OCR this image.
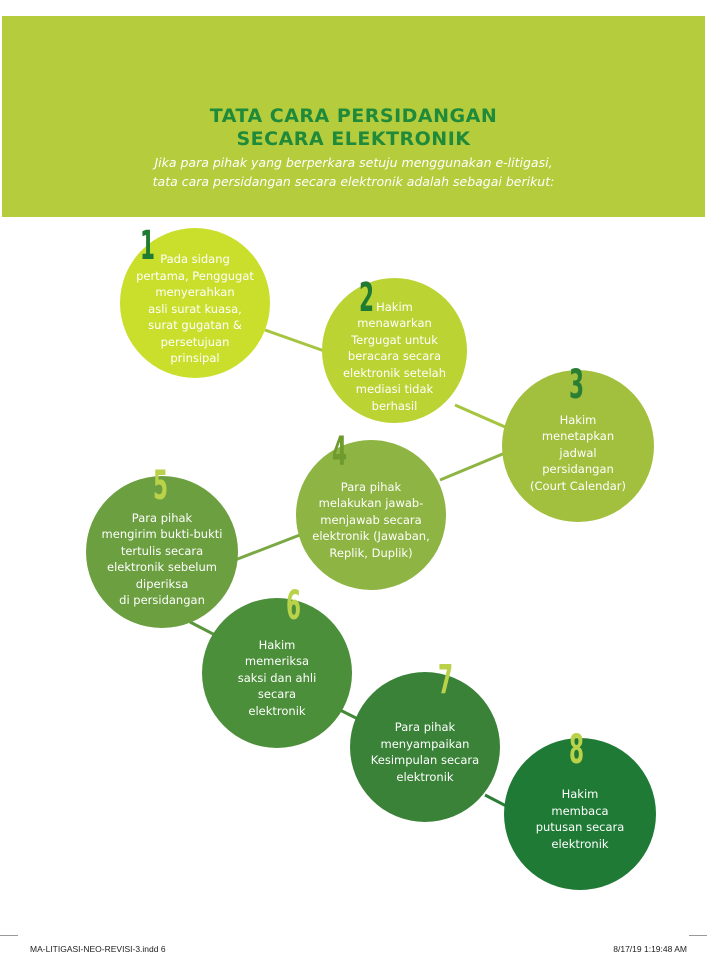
TATA CARA PERSIDANGAN
SECARA ELEKTRONIK
Jika para pihak yang berperkara setuju menggunakan e-litigasi,
tata cara persidangan secara elektronik adalah sebagai berikut:
Pada sidang
pertama, Penggugat
menyerahkan
asli surat kuasa,
surat gugatan &
persetujuan
prinsipal
1
Hakim
menawarkan
Tergugat untuk
beracara secara
elektronik setelah
mediasi tidak
berhasil
2
Hakim
menetapkan
jadwal
persidangan
(Court Calendar)
3
Para pihak
melakukan jawab-
menjawab secara
elektronik (Jawaban,
Replik, Duplik)
4
Para pihak
mengirim bukti-bukti
tertulis secara
elektronik sebelum
diperiksa
di persidangan
5
Hakim
memeriksa
saksi dan ahli
secara
elektronik
6
Para pihak
menyampaikan
Kesimpulan secara
elektronik
7
Hakim
membaca
putusan secara
elektronik
8
MA-LITIGASI-NEO-REVISI-3.indd 6	8/17/19 1:19:48 AM
